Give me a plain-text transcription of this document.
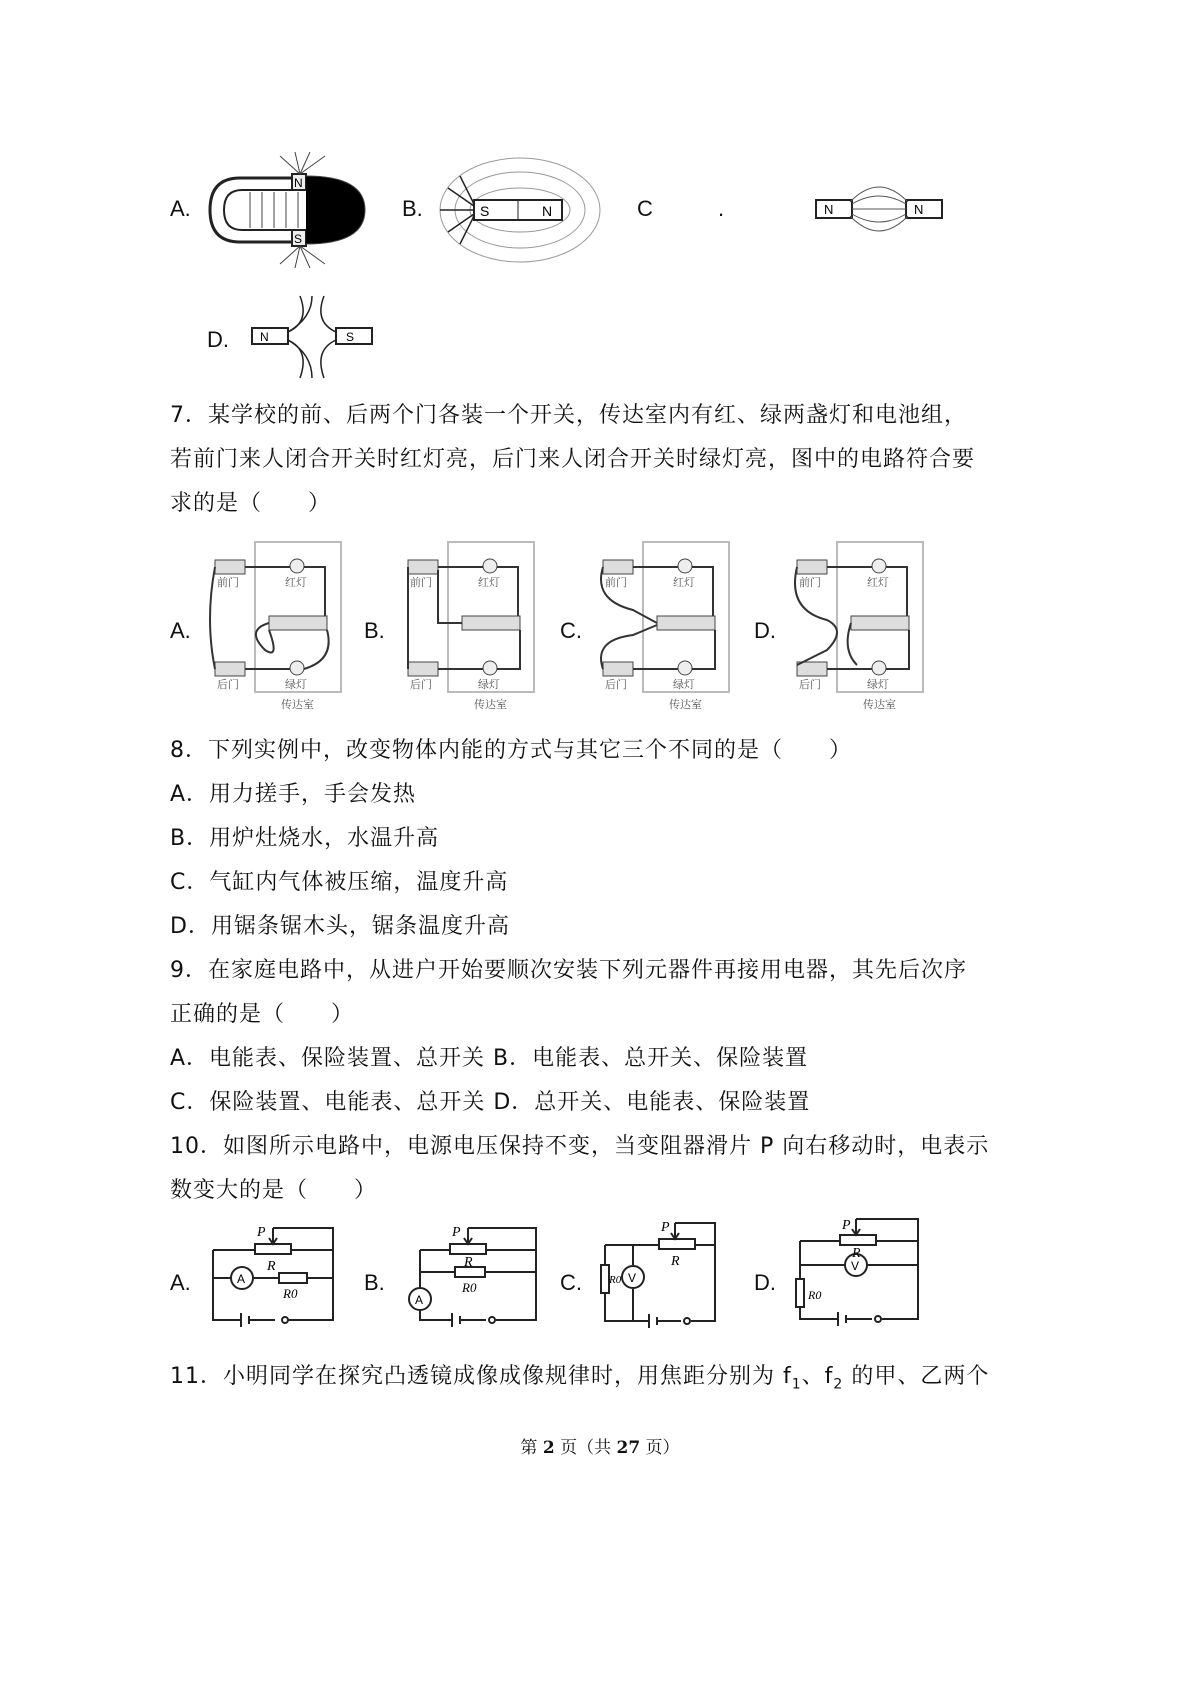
A.
N
S
B.	S	N	C	.	N	N
D.	N	S
7．某学校的前、后两个门各装一个开关，传达室内有红、绿两盏灯和电池组，
若前门来人闭合开关时红灯亮，后门来人闭合开关时绿灯亮，图中的电路符合要
求的是（　　）
A.	B.	C.	D.
前门	红灯
后门	绿灯
传达室
前门	红灯
后门	绿灯
传达室
前门	红灯
后门	绿灯
传达室
前门	红灯
后门	绿灯
传达室
8．下列实例中，改变物体内能的方式与其它三个不同的是（　　）
A．用力搓手，手会发热
B．用炉灶烧水，水温升高
C．气缸内气体被压缩，温度升高
D．用锯条锯木头，锯条温度升高
9．在家庭电路中，从进户开始要顺次安装下列元器件再接用电器，其先后次序
正确的是（　　）
A．电能表、保险装置、总开关 B．电能表、总开关、保险装置
C．保险装置、电能表、总开关 D．总开关、电能表、保险装置
10．如图所示电路中，电源电压保持不变，当变阻器滑片 P 向右移动时，电表示
数变大的是（　　）
A.	B.	C.	D.
P
R
R0
A
P
R
R0
A
P
R
R0 V
P
R
R0
V
11．小明同学在探究凸透镜成像成像规律时，用焦距分别为 $f_1$、$f_2$ 的甲、乙两个
第 2 页（共 27 页）
